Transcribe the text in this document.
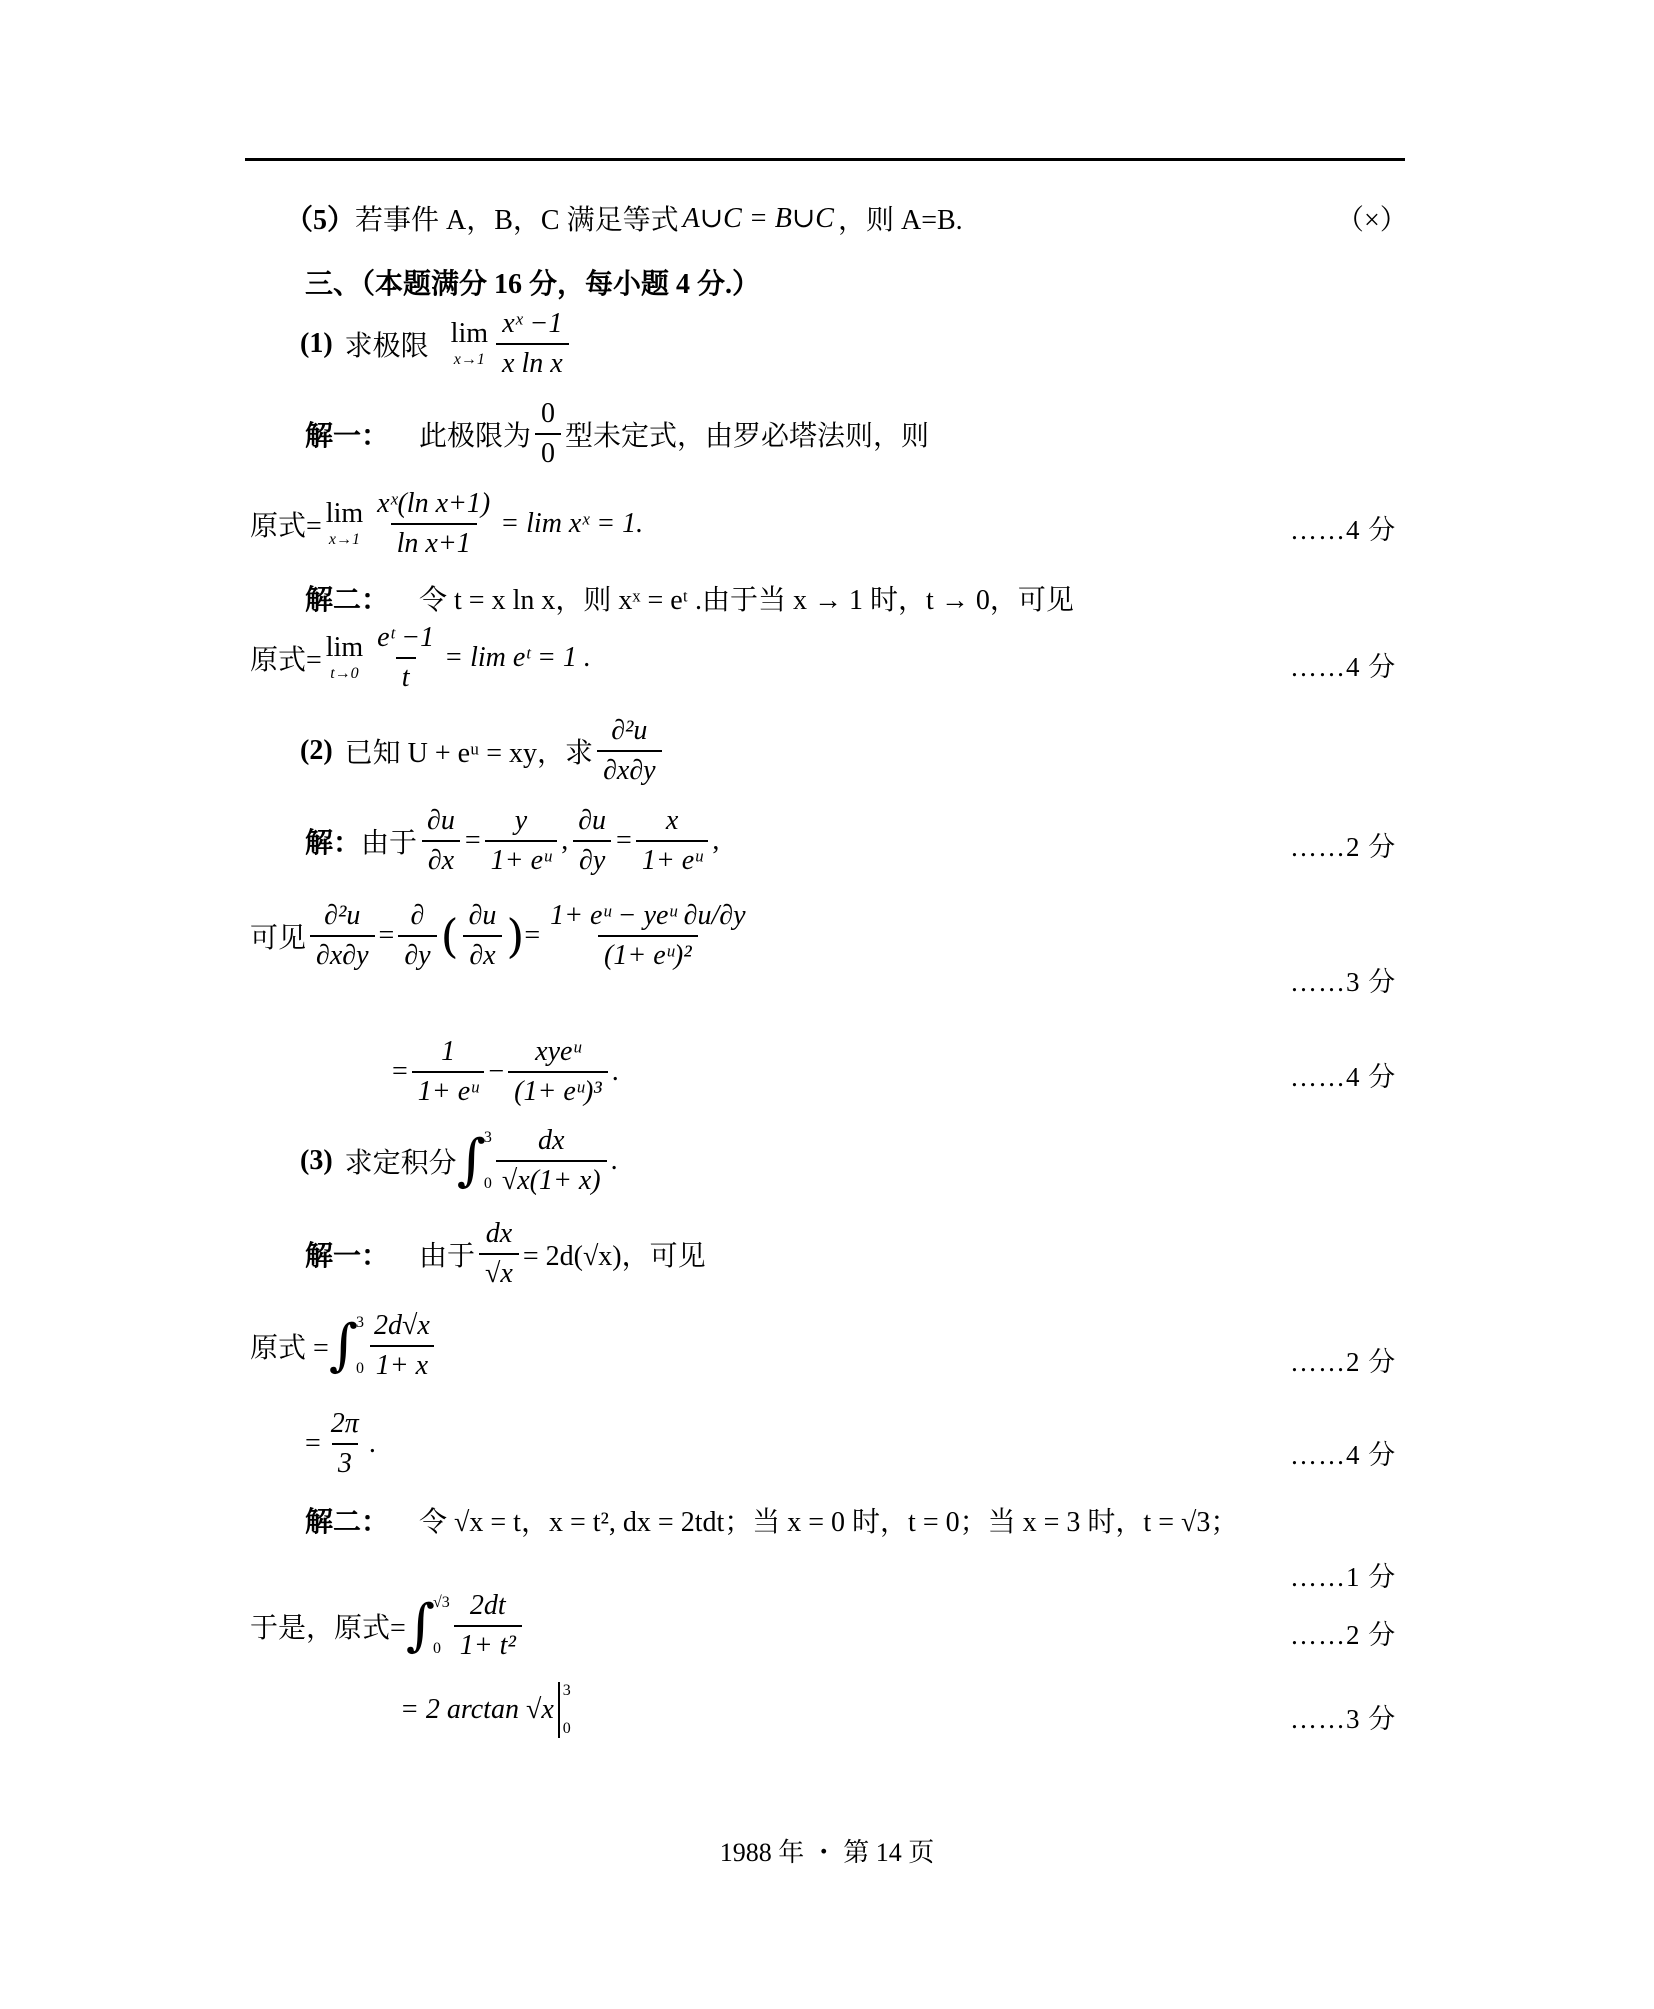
（5） 若事件 A，B，C 满足等式 A∪C = B∪C ，则 A=B.	（×）
三、（本题满分 16 分，每小题 4 分.）
(1) 求极限 lim
$x\to 1 \frac{\text{xˣ −1}}{\text{x ln x}}$
解一： 此极限为 $\frac{0}{0}$ 型未定式，由罗必塔法则，则
原式= lim
$x\to 1 \frac{\text{xˣ(ln x+1)}}{\text{ln x+1}} = \lim$ xˣ = 1.	……4 分
解二： 令 t = x ln x，则 xˣ = eᵗ .由于当 x → 1 时，t → 0，可见
原式= lim
$t\to 0 \frac{\text{eᵗ −1}}{t} = \lim$ eᵗ = 1 .	……4 分
(2) 已知 U + eᵘ = xy，求 $\frac{\text{∂²u}}{\partial x\partial y}$
解： 由于 $\frac{\partial u}{\partial x} = \frac{y}{\text{1+ eᵘ}}$ , $\frac{\partial u}{\partial y} = \frac{x}{\text{1+ eᵘ}}$ ,	……2 分
可见 $\frac{\text{∂²u}}{\partial x\partial y} = \frac{\partial}{\partial y}$ ( $\frac{\partial u}{\partial x}$ ) = $\frac{\text{1+ eᵘ − yeᵘ ∂u/∂y}}{\text{(1+ eᵘ)²}}$
……3 分
= $\frac{1}{\text{1+ eᵘ}} - \frac{\text{xyeᵘ}}{\text{(1+ eᵘ)³}}$ .	……4 分
(3) 求定积分 ∫
3
$0 \frac{dx}{√x(1+ x)}$ .
解一： 由于 $\frac{dx}{√x} = 2d(√x)$，可见
原式 = ∫
3
$0 \frac{2d√x}{1+ x}$	……2 分
= $\frac{2\pi}{3}$ .	……4 分
解二： 令 √x = t，x = t², dx = 2tdt；当 x = 0 时，t = 0；当 x = 3 时，t = √3；
……1 分
于是，原式= ∫
√3
$0 \frac{2dt}{\text{1+ t²}}$	……2 分
= 2 arctan √x
3
0	……3 分
1988 年 ・ 第 14 页
